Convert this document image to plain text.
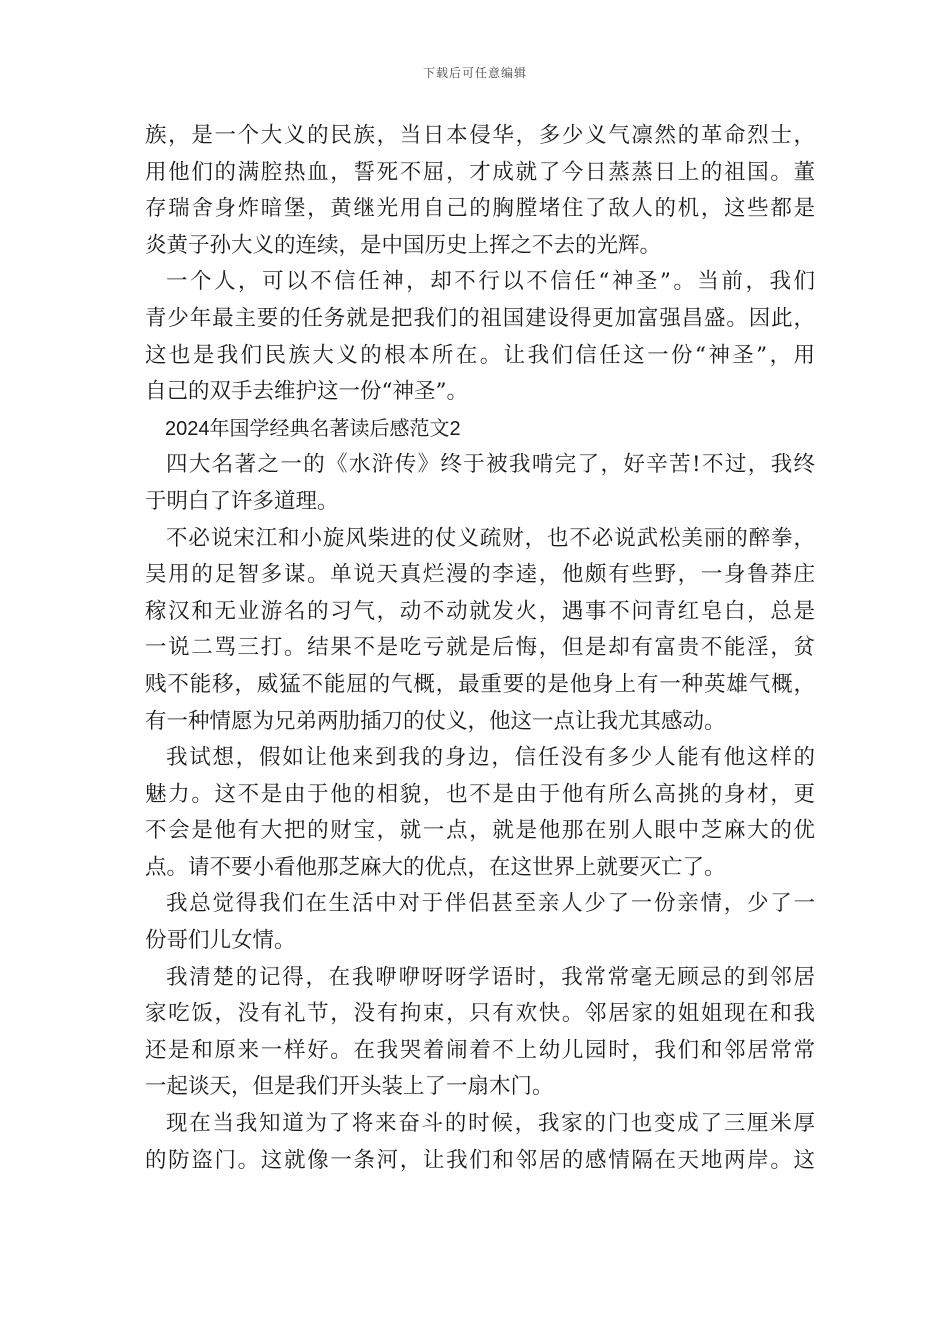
下载后可任意编辑
族，是一个大义的民族，当日本侵华，多少义气凛然的革命烈士，
用他们的满腔热血，誓死不屈，才成就了今日蒸蒸日上的祖国。董
存瑞舍身炸暗堡，黄继光用自己的胸膛堵住了敌人的机，这些都是
炎黄子孙大义的连续，是中国历史上挥之不去的光辉。
一个人，可以不信任神，却不行以不信任“神圣”。当前，我们
青少年最主要的任务就是把我们的祖国建设得更加富强昌盛。因此，
这也是我们民族大义的根本所在。让我们信任这一份“神圣”，用
自己的双手去维护这一份“神圣”。
2024年国学经典名著读后感范文2
四大名著之一的《水浒传》终于被我啃完了，好辛苦!不过，我终
于明白了许多道理。
不必说宋江和小旋风柴进的仗义疏财，也不必说武松美丽的醉拳，
吴用的足智多谋。单说天真烂漫的李逵，他颇有些野，一身鲁莽庄
稼汉和无业游名的习气，动不动就发火，遇事不问青红皂白，总是
一说二骂三打。结果不是吃亏就是后悔，但是却有富贵不能淫，贫
贱不能移，威猛不能屈的气概，最重要的是他身上有一种英雄气概，
有一种情愿为兄弟两肋插刀的仗义，他这一点让我尤其感动。
我试想，假如让他来到我的身边，信任没有多少人能有他这样的
魅力。这不是由于他的相貌，也不是由于他有所么高挑的身材，更
不会是他有大把的财宝，就一点，就是他那在别人眼中芝麻大的优
点。请不要小看他那芝麻大的优点，在这世界上就要灭亡了。
我总觉得我们在生活中对于伴侣甚至亲人少了一份亲情，少了一
份哥们儿女情。
我清楚的记得，在我咿咿呀呀学语时，我常常毫无顾忌的到邻居
家吃饭，没有礼节，没有拘束，只有欢快。邻居家的姐姐现在和我
还是和原来一样好。在我哭着闹着不上幼儿园时，我们和邻居常常
一起谈天，但是我们开头装上了一扇木门。
现在当我知道为了将来奋斗的时候，我家的门也变成了三厘米厚
的防盗门。这就像一条河，让我们和邻居的感情隔在天地两岸。这
